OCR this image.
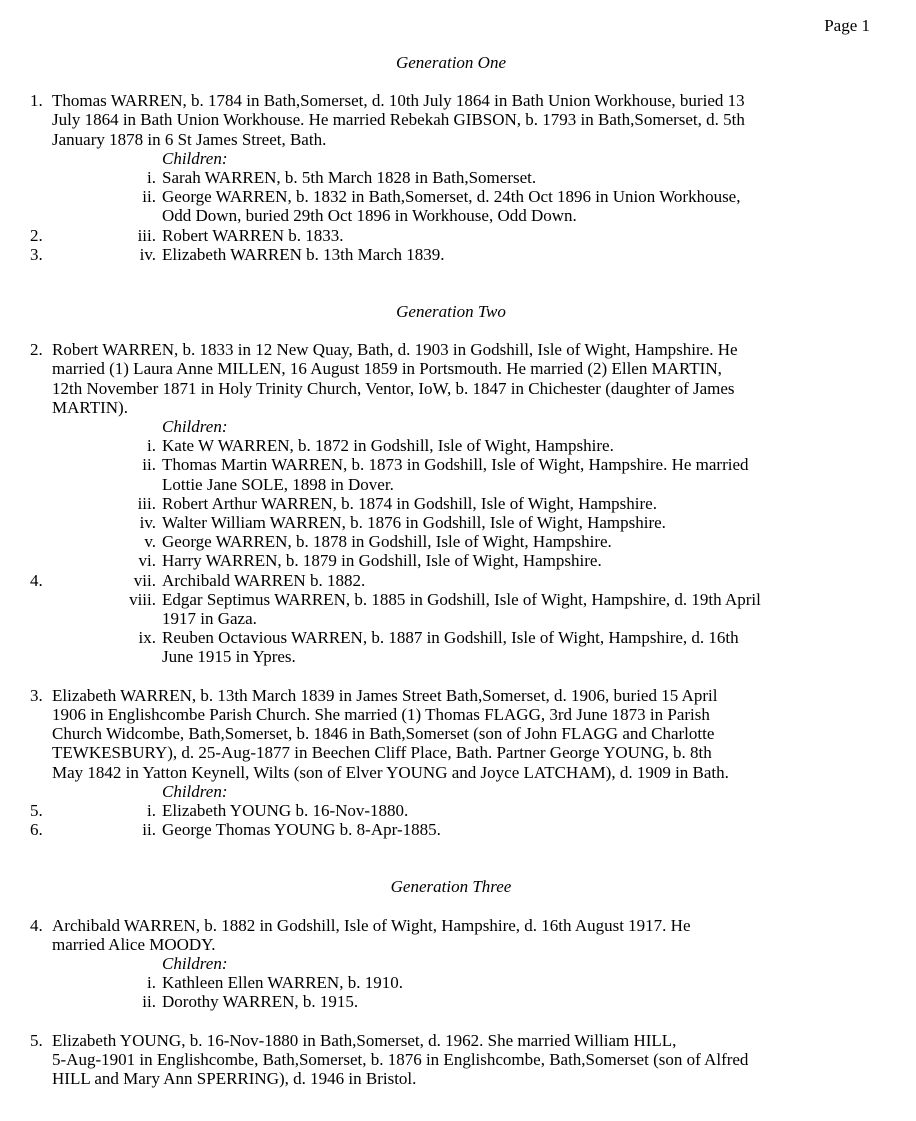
Page 1
Generation One
1. Thomas WARREN, b. 1784 in Bath,Somerset, d. 10th July 1864 in Bath Union Workhouse, buried 13
July 1864 in Bath Union Workhouse. He married Rebekah GIBSON, b. 1793 in Bath,Somerset, d. 5th
January 1878 in 6 St James Street, Bath.
Children:
i. Sarah WARREN, b. 5th March 1828 in Bath,Somerset.
ii. George WARREN, b. 1832 in Bath,Somerset, d. 24th Oct 1896 in Union Workhouse,
Odd Down, buried 29th Oct 1896 in Workhouse, Odd Down.
2.	iii. Robert WARREN b. 1833.
3.	iv. Elizabeth WARREN b. 13th March 1839.
Generation Two
2. Robert WARREN, b. 1833 in 12 New Quay, Bath, d. 1903 in Godshill, Isle of Wight, Hampshire. He
married (1) Laura Anne MILLEN, 16 August 1859 in Portsmouth. He married (2) Ellen MARTIN,
12th November 1871 in Holy Trinity Church, Ventor, IoW, b. 1847 in Chichester (daughter of James
MARTIN).
Children:
i. Kate W WARREN, b. 1872 in Godshill, Isle of Wight, Hampshire.
ii. Thomas Martin WARREN, b. 1873 in Godshill, Isle of Wight, Hampshire. He married
Lottie Jane SOLE, 1898 in Dover.
iii. Robert Arthur WARREN, b. 1874 in Godshill, Isle of Wight, Hampshire.
iv. Walter William WARREN, b. 1876 in Godshill, Isle of Wight, Hampshire.
v. George WARREN, b. 1878 in Godshill, Isle of Wight, Hampshire.
vi. Harry WARREN, b. 1879 in Godshill, Isle of Wight, Hampshire.
4.	vii. Archibald WARREN b. 1882.
viii. Edgar Septimus WARREN, b. 1885 in Godshill, Isle of Wight, Hampshire, d. 19th April
1917 in Gaza.
ix. Reuben Octavious WARREN, b. 1887 in Godshill, Isle of Wight, Hampshire, d. 16th
June 1915 in Ypres.
3. Elizabeth WARREN, b. 13th March 1839 in James Street Bath,Somerset, d. 1906, buried 15 April
1906 in Englishcombe Parish Church. She married (1) Thomas FLAGG, 3rd June 1873 in Parish
Church Widcombe, Bath,Somerset, b. 1846 in Bath,Somerset (son of John FLAGG and Charlotte
TEWKESBURY), d. 25-Aug-1877 in Beechen Cliff Place, Bath. Partner George YOUNG, b. 8th
May 1842 in Yatton Keynell, Wilts (son of Elver YOUNG and Joyce LATCHAM), d. 1909 in Bath.
Children:
5.	i. Elizabeth YOUNG b. 16-Nov-1880.
6.	ii. George Thomas YOUNG b. 8-Apr-1885.
Generation Three
4. Archibald WARREN, b. 1882 in Godshill, Isle of Wight, Hampshire, d. 16th August 1917. He
married Alice MOODY.
Children:
i. Kathleen Ellen WARREN, b. 1910.
ii. Dorothy WARREN, b. 1915.
5. Elizabeth YOUNG, b. 16-Nov-1880 in Bath,Somerset, d. 1962. She married William HILL,
5-Aug-1901 in Englishcombe, Bath,Somerset, b. 1876 in Englishcombe, Bath,Somerset (son of Alfred
HILL and Mary Ann SPERRING), d. 1946 in Bristol.
